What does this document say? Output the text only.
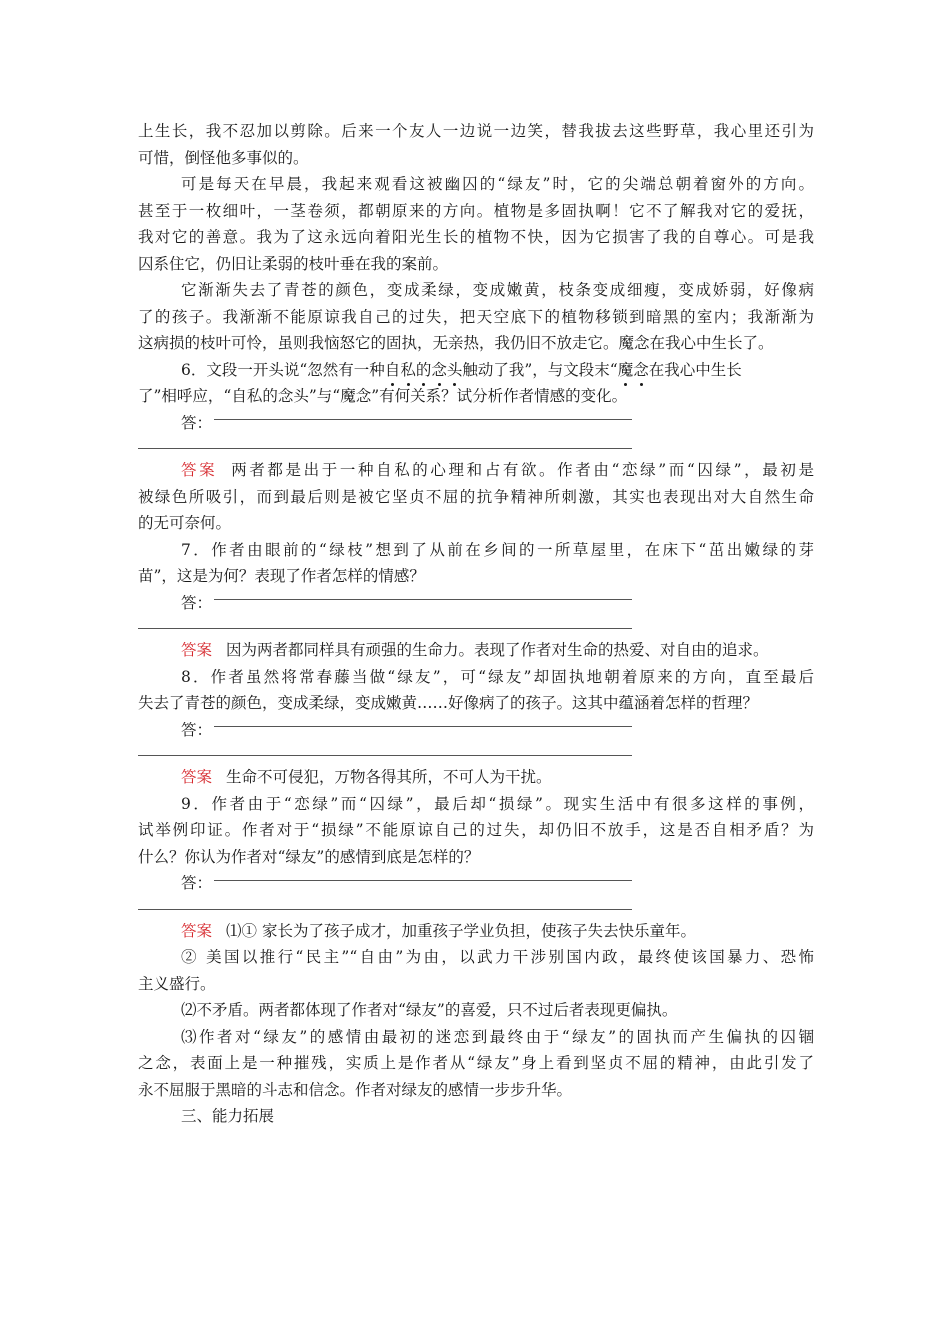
上生长，我不忍加以剪除。后来一个友人一边说一边笑，替我拔去这些野草，我心里还引为
可惜，倒怪他多事似的。
可是每天在早晨，我起来观看这被幽囚的“绿友”时，它的尖端总朝着窗外的方向。
甚至于一枚细叶，一茎卷须，都朝原来的方向。植物是多固执啊！它不了解我对它的爱抚，
我对它的善意。我为了这永远向着阳光生长的植物不快，因为它损害了我的自尊心。可是我
囚系住它，仍旧让柔弱的枝叶垂在我的案前。
它渐渐失去了青苍的颜色，变成柔绿，变成嫩黄，枝条变成细瘦，变成娇弱，好像病
了的孩子。我渐渐不能原谅我自己的过失，把天空底下的植物移锁到暗黑的室内；我渐渐为
这病损的枝叶可怜，虽则我恼怒它的固执，无亲热，我仍旧不放走它。魔念在我心中生长了。
6．文段一开头说“忽然有一种自私的念头触动了我”，与文段末“魔念在我心中生长
了”相呼应，“自私的念头”与“魔念”有何关系？试分析作者情感的变化。
答：
答案 两者都是出于一种自私的心理和占有欲。作者由“恋绿”而“囚绿”，最初是
被绿色所吸引，而到最后则是被它坚贞不屈的抗争精神所刺激，其实也表现出对大自然生命
的无可奈何。
7．作者由眼前的“绿枝”想到了从前在乡间的一所草屋里，在床下“茁出嫩绿的芽
苗”，这是为何？表现了作者怎样的情感？
答：
答案 因为两者都同样具有顽强的生命力。表现了作者对生命的热爱、对自由的追求。
8．作者虽然将常春藤当做“绿友”，可“绿友”却固执地朝着原来的方向，直至最后
失去了青苍的颜色，变成柔绿，变成嫩黄……好像病了的孩子。这其中蕴涵着怎样的哲理？
答：
答案 生命不可侵犯，万物各得其所，不可人为干扰。
9．作者由于“恋绿”而“囚绿”，最后却“损绿”。现实生活中有很多这样的事例，
试举例印证。作者对于“损绿”不能原谅自己的过失，却仍旧不放手，这是否自相矛盾？为
什么？你认为作者对“绿友”的感情到底是怎样的？
答：
答案 ⑴① 家长为了孩子成才，加重孩子学业负担，使孩子失去快乐童年。
② 美国以推行“民主”“自由”为由，以武力干涉别国内政，最终使该国暴力、恐怖
主义盛行。
⑵不矛盾。两者都体现了作者对“绿友”的喜爱，只不过后者表现更偏执。
⑶作者对“绿友”的感情由最初的迷恋到最终由于“绿友”的固执而产生偏执的囚锢
之念，表面上是一种摧残，实质上是作者从“绿友”身上看到坚贞不屈的精神，由此引发了
永不屈服于黑暗的斗志和信念。作者对绿友的感情一步步升华。
三、能力拓展
